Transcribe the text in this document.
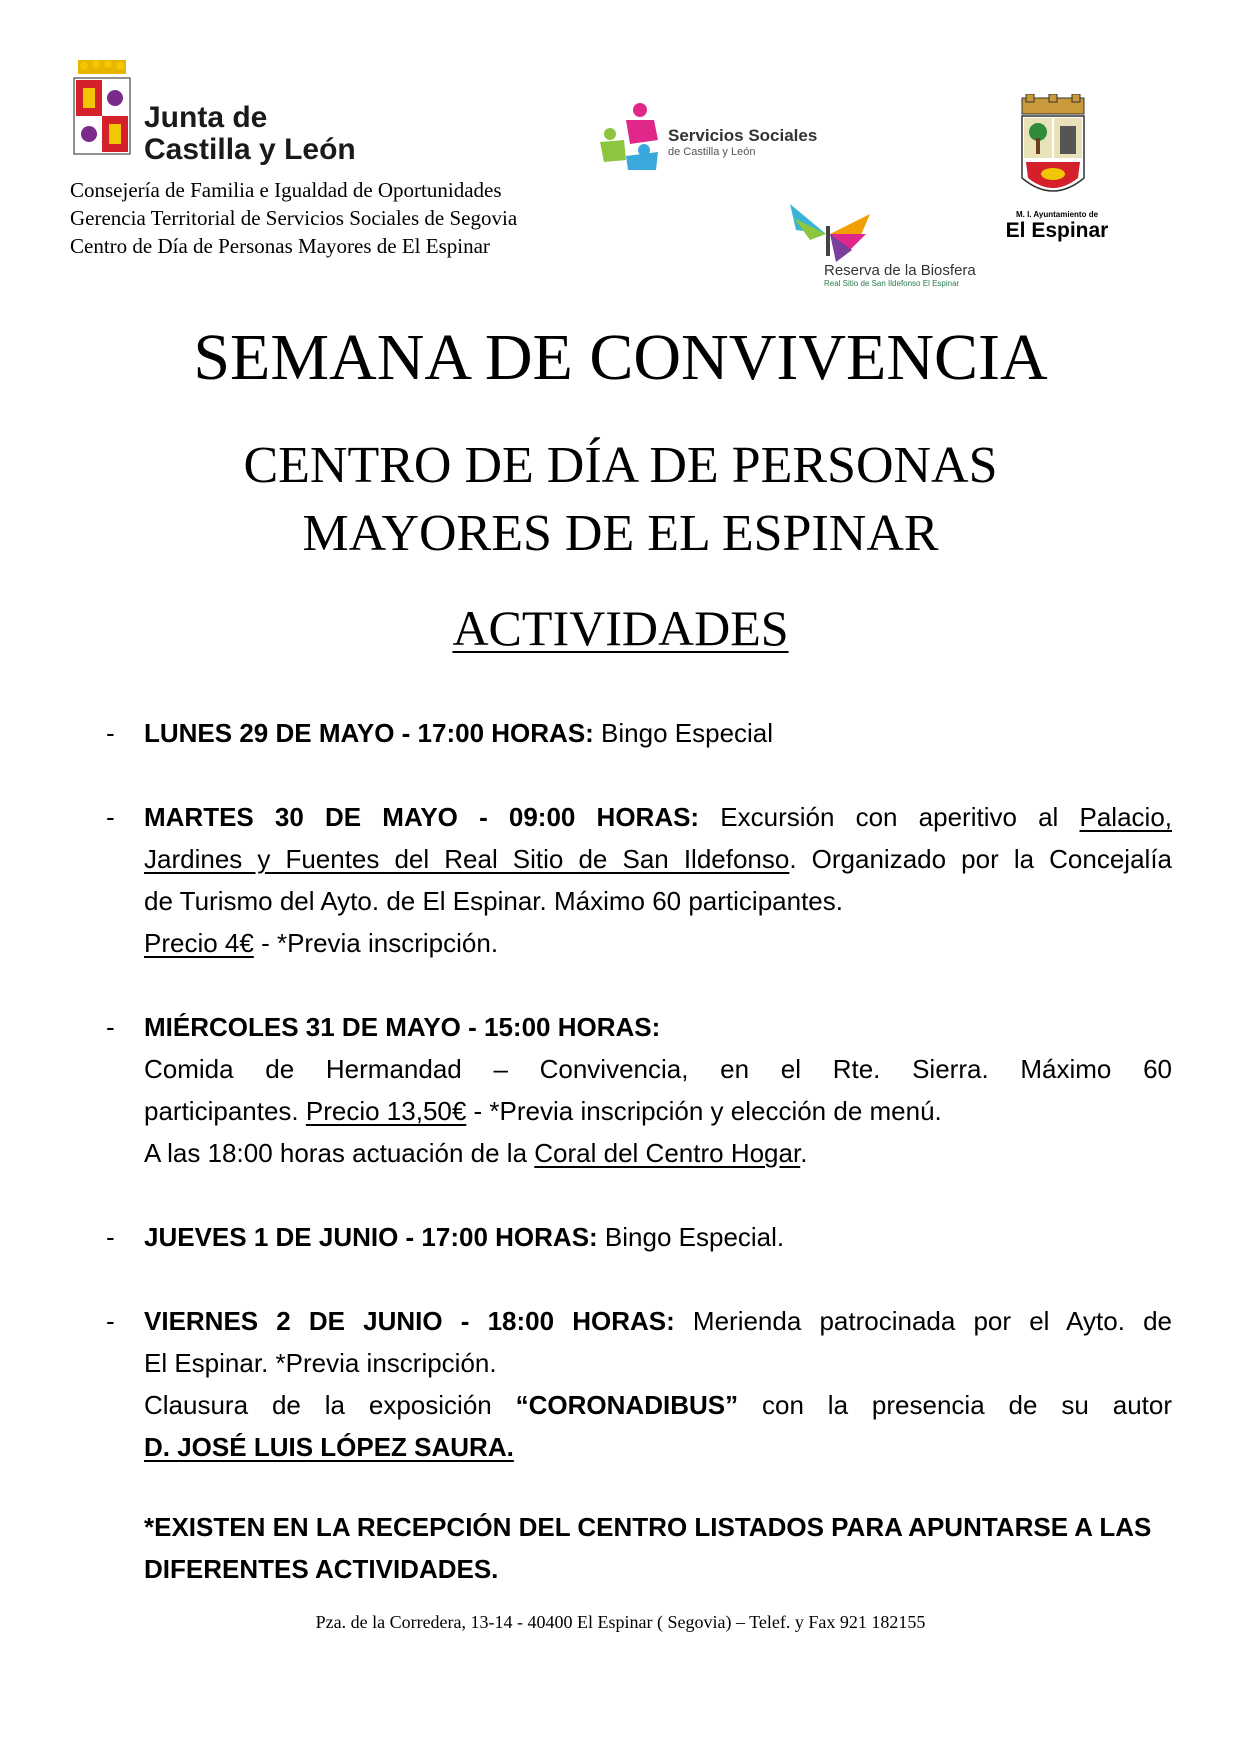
Junta de
Castilla y León
Consejería de Familia e Igualdad de Oportunidades
Gerencia Territorial de Servicios Sociales de Segovia
Centro de Día de Personas Mayores de El Espinar
Servicios Sociales
de Castilla y León
Reserva de la Biosfera
Real Sitio de San Ildefonso El Espinar
M. I. Ayuntamiento de
El Espinar
SEMANA DE CONVIVENCIA
CENTRO DE DÍA DE PERSONAS
MAYORES DE EL ESPINAR
ACTIVIDADES
-	LUNES 29 DE MAYO - 17:00 HORAS: Bingo Especial
-	MARTES 30 DE MAYO - 09:00 HORAS: Excursión con aperitivo al Palacio,
Jardines y Fuentes del Real Sitio de San Ildefonso. Organizado por la Concejalía
de Turismo del Ayto. de El Espinar. Máximo 60 participantes.
Precio 4€ - *Previa inscripción.
-	MIÉRCOLES 31 DE MAYO - 15:00 HORAS:
Comida de Hermandad – Convivencia, en el Rte. Sierra. Máximo 60
participantes. Precio 13,50€ - *Previa inscripción y elección de menú.
A las 18:00 horas actuación de la Coral del Centro Hogar.
-	JUEVES 1 DE JUNIO - 17:00 HORAS: Bingo Especial.
-	VIERNES 2 DE JUNIO - 18:00 HORAS: Merienda patrocinada por el Ayto. de
El Espinar. *Previa inscripción.
Clausura de la exposición “CORONADIBUS” con la presencia de su autor
D. JOSÉ LUIS LÓPEZ SAURA.
*EXISTEN EN LA RECEPCIÓN DEL CENTRO LISTADOS PARA APUNTARSE A LAS
DIFERENTES ACTIVIDADES.
Pza. de la Corredera, 13-14 - 40400 El Espinar ( Segovia) – Telef. y Fax 921 182155
